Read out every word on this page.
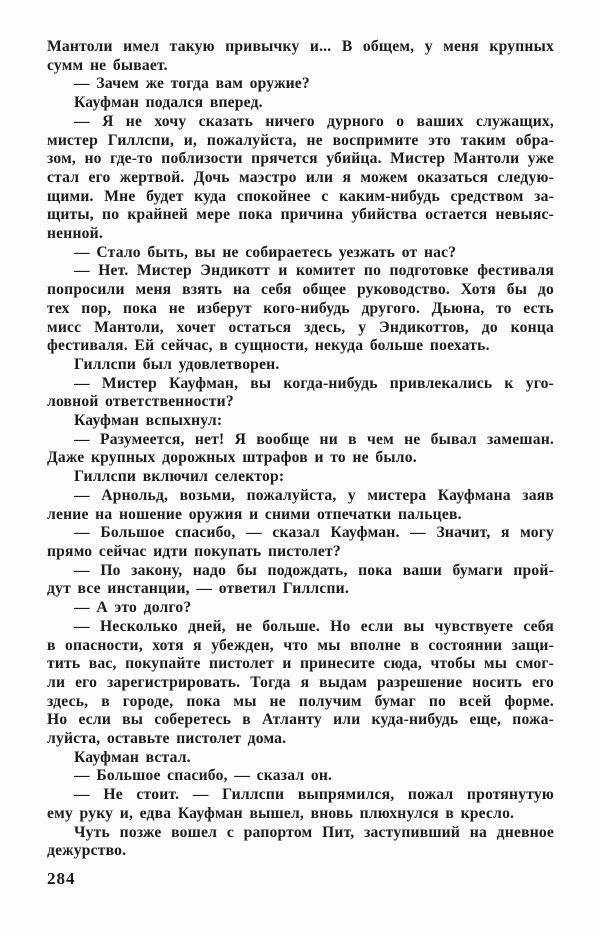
Мантоли имел такую привычку и... В общем, у меня крупных
сумм не бывает.
— Зачем же тогда вам оружие?
Кауфман подался вперед.
— Я не хочу сказать ничего дурного о ваших служащих,
мистер Гиллспи, и, пожалуйста, не воспримите это таким обра-
зом, но где-то поблизости прячется убийца. Мистер Мантоли уже
стал его жертвой. Дочь маэстро или я можем оказаться следую-
щими. Мне будет куда спокойнее с каким-нибудь средством за-
щиты, по крайней мере пока причина убийства остается невыяс-
ненной.
— Стало быть, вы не собираетесь уезжать от нас?
— Нет. Мистер Эндикотт и комитет по подготовке фестиваля
попросили меня взять на себя общее руководство. Хотя бы до
тех пор, пока не изберут кого-нибудь другого. Дьюна, то есть
мисс Мантоли, хочет остаться здесь, у Эндикоттов, до конца
фестиваля. Ей сейчас, в сущности, некуда больше поехать.
Гиллспи был удовлетворен.
— Мистер Кауфман, вы когда-нибудь привлекались к уго-
ловной ответственности?
Кауфман вспыхнул:
— Разумеется, нет! Я вообще ни в чем не бывал замешан.
Даже крупных дорожных штрафов и то не было.
Гиллспи включил селектор:
— Арнольд, возьми, пожалуйста, у мистера Кауфмана заяв
ление на ношение оружия и сними отпечатки пальцев.
— Большое спасибо, — сказал Кауфман. — Значит, я могу
прямо сейчас идти покупать пистолет?
— По закону, надо бы подождать, пока ваши бумаги прой-
дут все инстанции, — ответил Гиллспи.
— А это долго?
— Несколько дней, не больше. Но если вы чувствуете себя
в опасности, хотя я убежден, что мы вполне в состоянии защи-
тить вас, покупайте пистолет и принесите сюда, чтобы мы смог-
ли его зарегистрировать. Тогда я выдам разрешение носить его
здесь, в городе, пока мы не получим бумаг по всей форме.
Но если вы соберетесь в Атланту или куда-нибудь еще, пожа-
луйста, оставьте пистолет дома.
Кауфман встал.
— Большое спасибо, — сказал он.
— Не стоит. — Гиллспи выпрямился, пожал протянутую
ему руку и, едва Кауфман вышел, вновь плюхнулся в кресло.
Чуть позже вошел с рапортом Пит, заступивший на дневное
дежурство.
284
